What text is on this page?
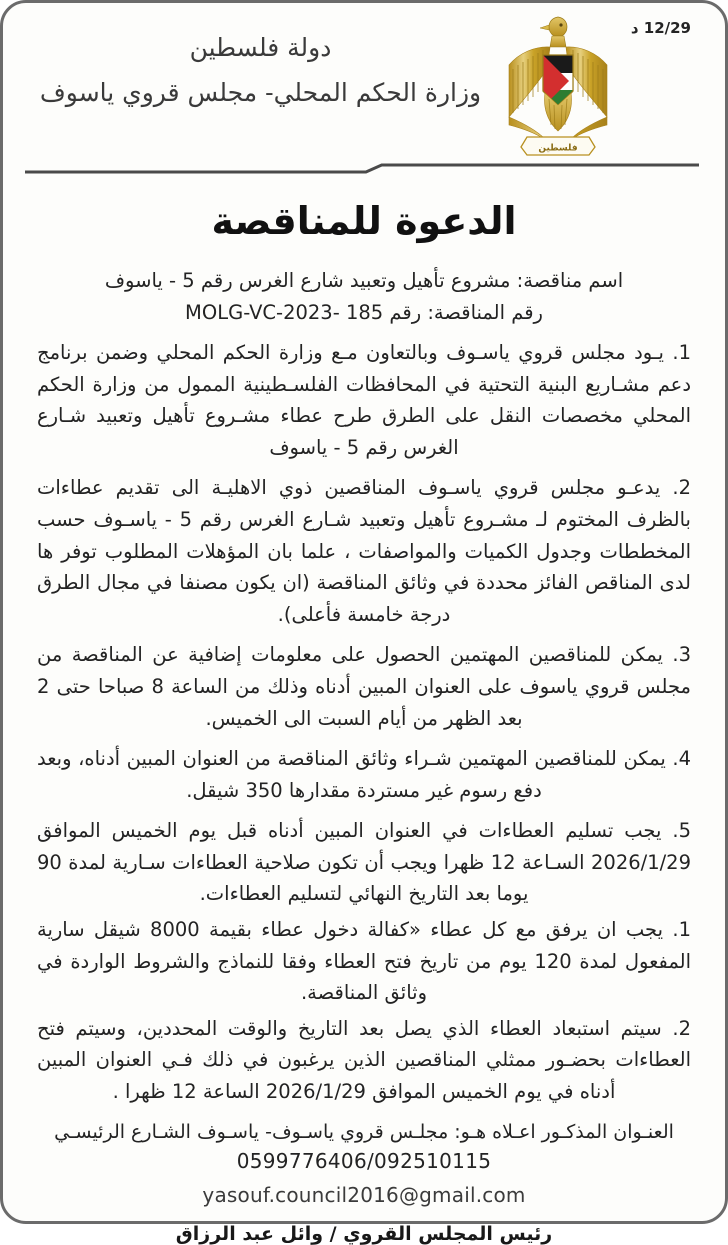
12/29 د
فلسطين
دولة فلسطين
وزارة الحكم المحلي- مجلس قروي ياسوف
الدعوة للمناقصة
اسم مناقصة: مشروع تأهيل وتعبيد شارع الغرس رقم 5 - ياسوف
رقم المناقصة: رقم 185 -MOLG-VC-2023
1. يـود مجلس قروي ياسـوف وبالتعاون مـع وزارة الحكم المحلي وضمن برنامج دعم مشـاريع البنية التحتية في المحافظات الفلسـطينية الممول من وزارة الحكم المحلي مخصصات النقل على الطرق طرح عطاء مشـروع تأهيل وتعبيد شـارع الغرس رقم 5 - ياسوف
2. يدعـو مجلس قروي ياسـوف المناقصين ذوي الاهليـة الى تقديم عطاءات بالظرف المختوم لـ مشـروع تأهيل وتعبيد شـارع الغرس رقم 5 - ياسـوف حسب المخططات وجدول الكميات والمواصفات ، علما بان المؤهلات المطلوب توفر ها لدى المناقص الفائز محددة في وثائق المناقصة (ان يكون مصنفا في مجال الطرق درجة خامسة فأعلى).
3. يمكن للمناقصين المهتمين الحصول على معلومات إضافية عن المناقصة من مجلس قروي ياسوف على العنوان المبين أدناه وذلك من الساعة 8 صباحا حتى 2 بعد الظهر من أيام السبت الى الخميس.
4. يمكن للمناقصين المهتمين شـراء وثائق المناقصة من العنوان المبين أدناه، وبعد دفع رسوم غير مستردة مقدارها 350 شيقل.
5. يجب تسليم العطاءات في العنوان المبين أدناه قبل يوم الخميس الموافق 2026/1/29 السـاعة 12 ظهرا ويجب أن تكون صلاحية العطاءات سـارية لمدة 90 يوما بعد التاريخ النهائي لتسليم العطاءات.
1. يجب ان يرفق مع كل عطاء «كفالة دخول عطاء بقيمة 8000 شيقل سارية المفعول لمدة 120 يوم من تاريخ فتح العطاء وفقا للنماذج والشروط الواردة في وثائق المناقصة.
2. سيتم استبعاد العطاء الذي يصل بعد التاريخ والوقت المحددين، وسيتم فتح العطاءات بحضـور ممثلي المناقصين الذين يرغبون في ذلك فـي العنوان المبين أدناه في يوم الخميس الموافق 2026/1/29 الساعة 12 ظهرا .
العنـوان المذكـور اعـلاه هـو: مجلـس قروي ياسـوف- ياسـوف الشـارع الرئيسـي
0599776406/092510115
yasouf.council2016@gmail.com
رئيس المجلس القروي / وائل عبد الرزاق
